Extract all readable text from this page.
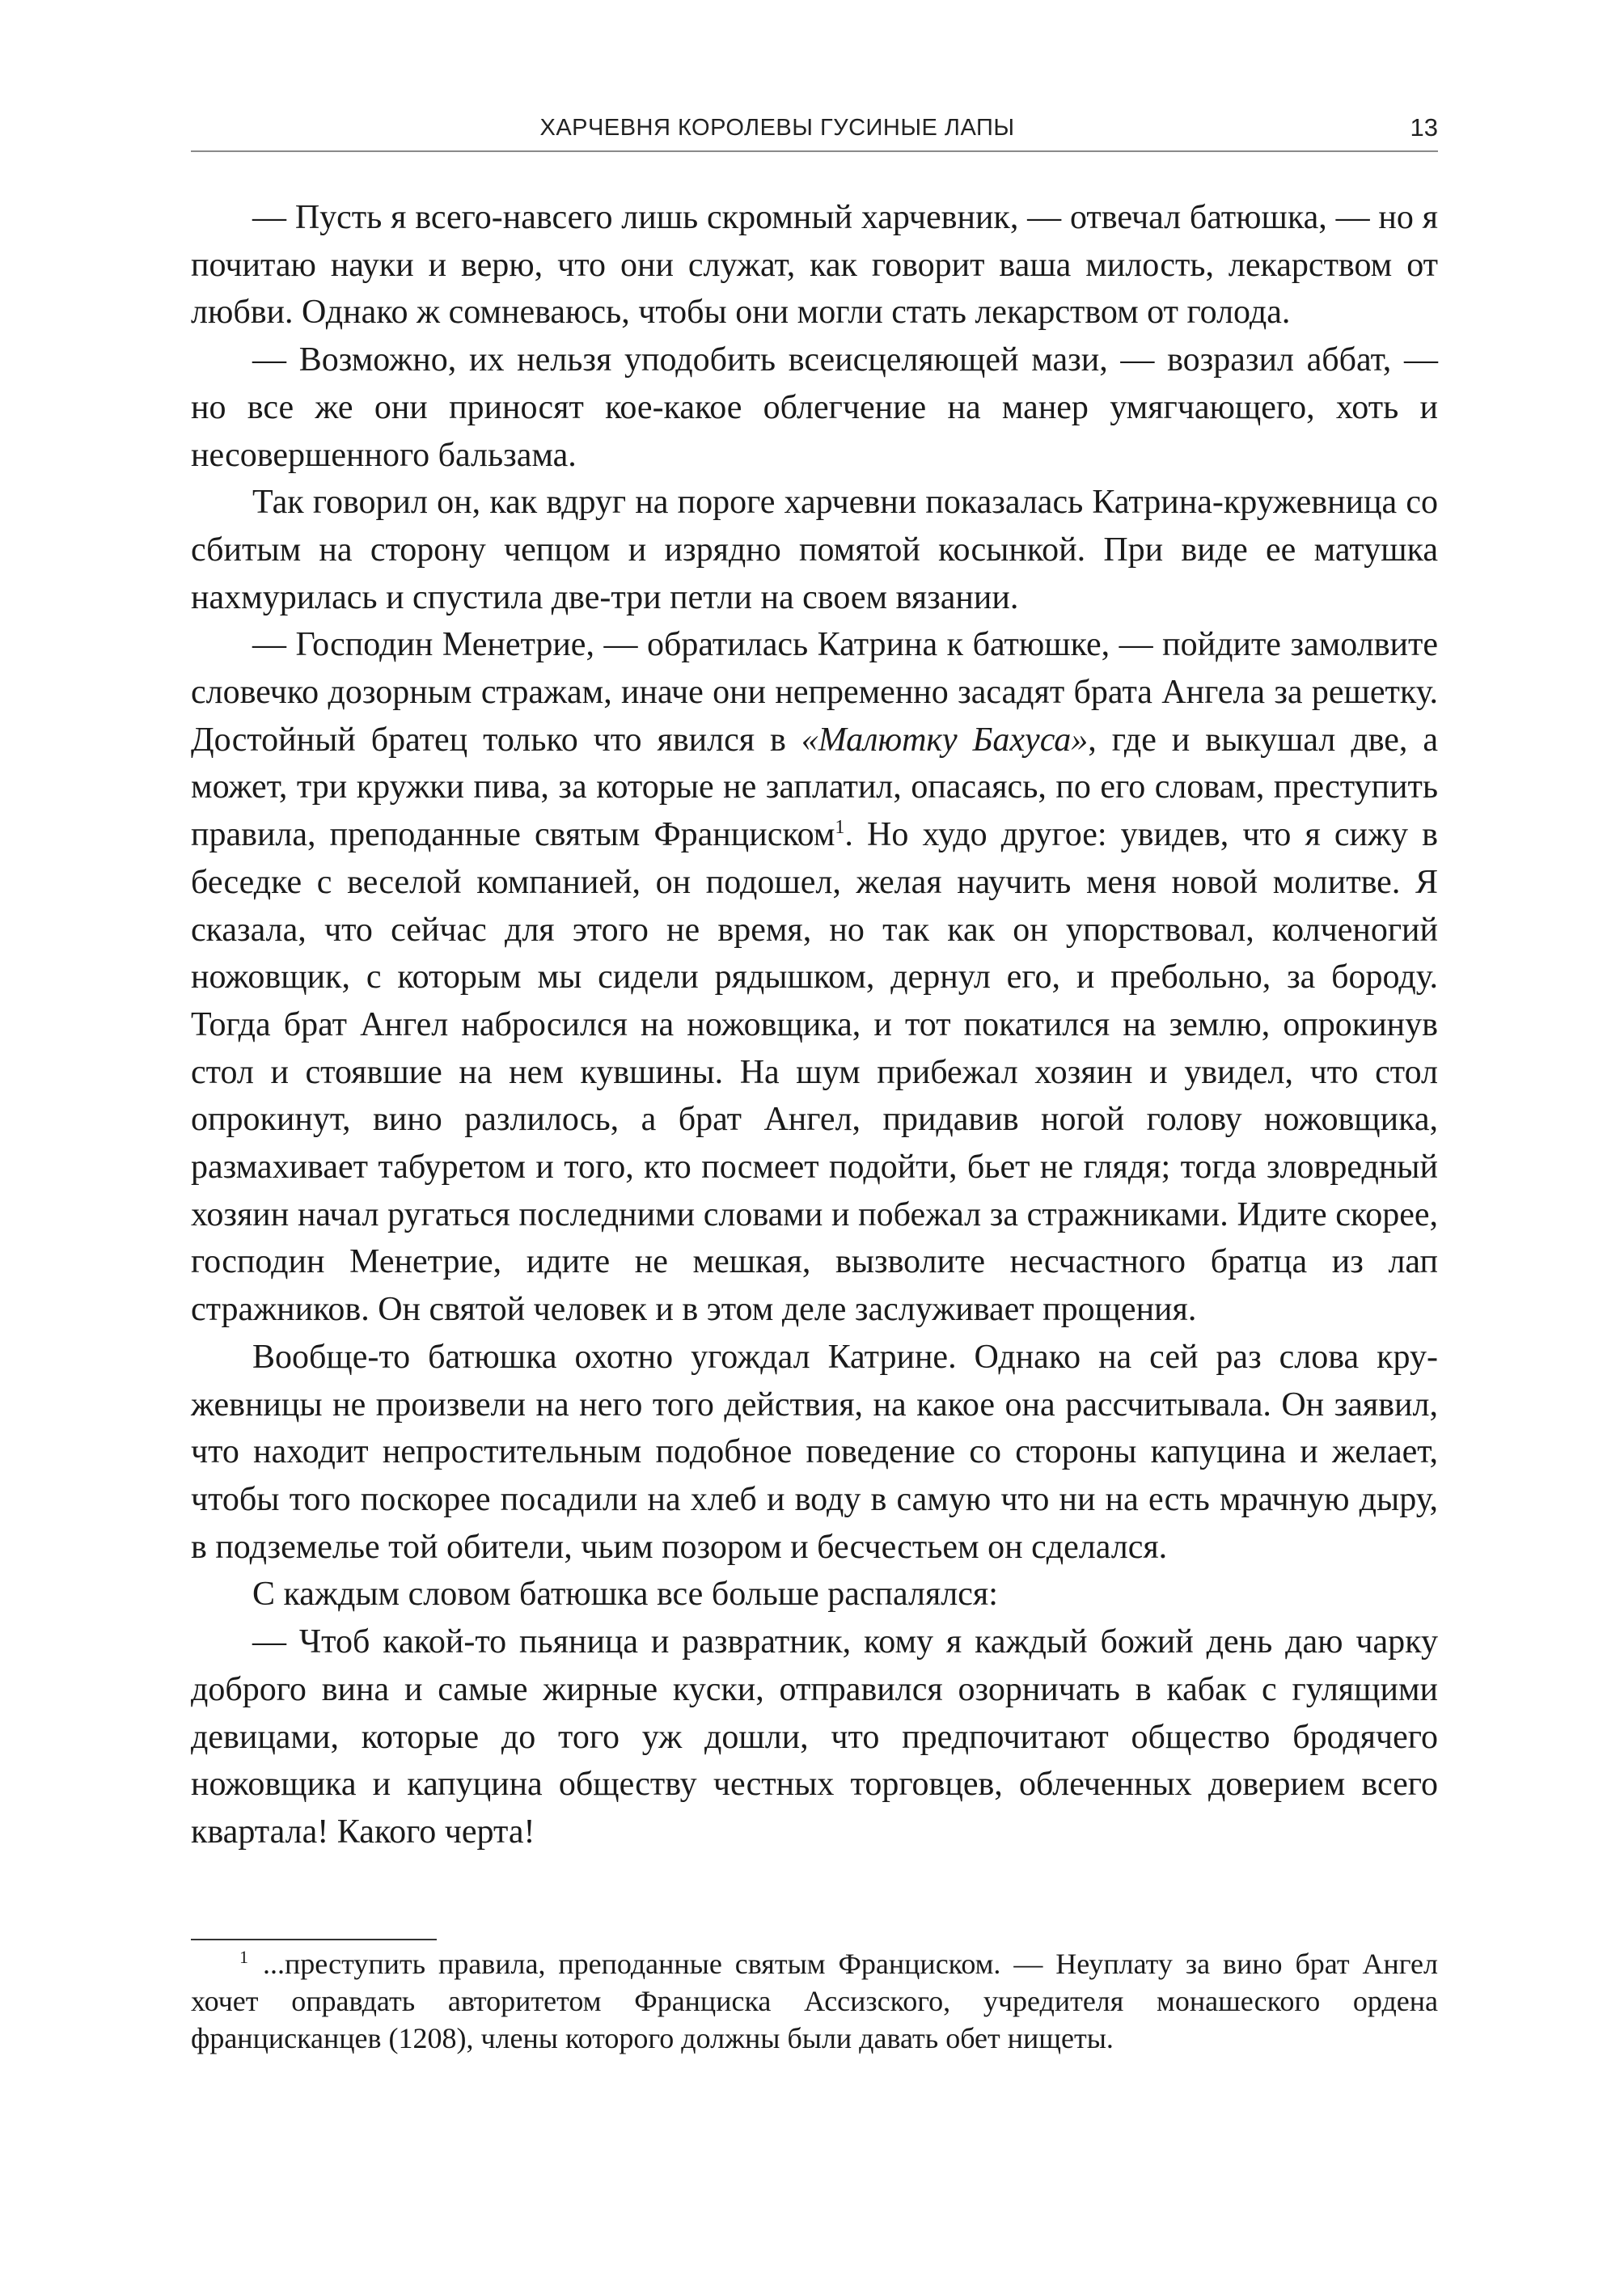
ХАРЧЕВНЯ КОРОЛЕВЫ ГУСИНЫЕ ЛАПЫ	13

— Пусть я всего-навсего лишь скромный харчевник, — отвечал батюшка, — но я почитаю науки и верю, что они служат, как говорит ваша милость, лекарством от любви. Однако ж сомневаюсь, чтобы они могли стать лекарством от голода.

— Возможно, их нельзя уподобить всеисцеляющей мази, — возразил аббат, — но все же они приносят кое-какое облегчение на манер умягчающего, хоть и несовершенного бальзама.

Так говорил он, как вдруг на пороге харчевни показалась Катрина-кружевница со сбитым на сторону чепцом и изрядно помятой косынкой. При виде ее матушка нахмурилась и спустила две-три петли на своем вязании.

— Господин Менетрие, — обратилась Катрина к батюшке, — пойдите замолвите словечко дозорным стражам, иначе они непременно засадят брата Ангела за решетку. Достойный братец только что явился в «Малютку Бахуса», где и выкушал две, а может, три кружки пива, за которые не заплатил, опасаясь, по его словам, преступить правила, преподанные святым Франциском$^1$. Но худо другое: увидев, что я сижу в беседке с веселой компанией, он подошел, желая научить меня новой молитве. Я сказала, что сейчас для этого не время, но так как он упорствовал, колченогий ножовщик, с которым мы сидели рядышком, дернул его, и пребольно, за бороду. Тогда брат Ангел набросился на ножовщика, и тот покатился на землю, опрокинув стол и стоявшие на нем кувшины. На шум прибежал хозяин и увидел, что стол опрокинут, вино разлилось, а брат Ангел, придавив ногой голову ножовщика, размахивает табуретом и того, кто посмеет подойти, бьет не глядя; тогда зловредный хозяин начал ругаться последними словами и побежал за стражниками. Идите скорее, господин Менетрие, идите не мешкая, вызволите несчастного братца из лап стражников. Он святой человек и в этом деле заслуживает прощения.

Вообще-то батюшка охотно угождал Катрине. Однако на сей раз слова кружевницы не произвели на него того действия, на какое она рассчитывала. Он заявил, что находит непростительным подобное поведение со стороны капуцина и желает, чтобы того поскорее посадили на хлеб и воду в самую что ни на есть мрачную дыру, в подземелье той обители, чьим позором и бесчестьем он сделался.

С каждым словом батюшка все больше распалялся:

— Чтоб какой-то пьяница и развратник, кому я каждый божий день даю чарку доброго вина и самые жирные куски, отправился озорничать в кабак с гулящими девицами, которые до того уж дошли, что предпочитают общество бродячего ножовщика и капуцина обществу честных торговцев, облеченных доверием всего квартала! Какого черта!

$^1$ ...преступить правила, преподанные святым Франциском. — Неуплату за вино брат Ангел хочет оправдать авторитетом Франциска Ассизского, учредителя монашеского ордена францисканцев (1208), члены которого должны были давать обет нищеты.
